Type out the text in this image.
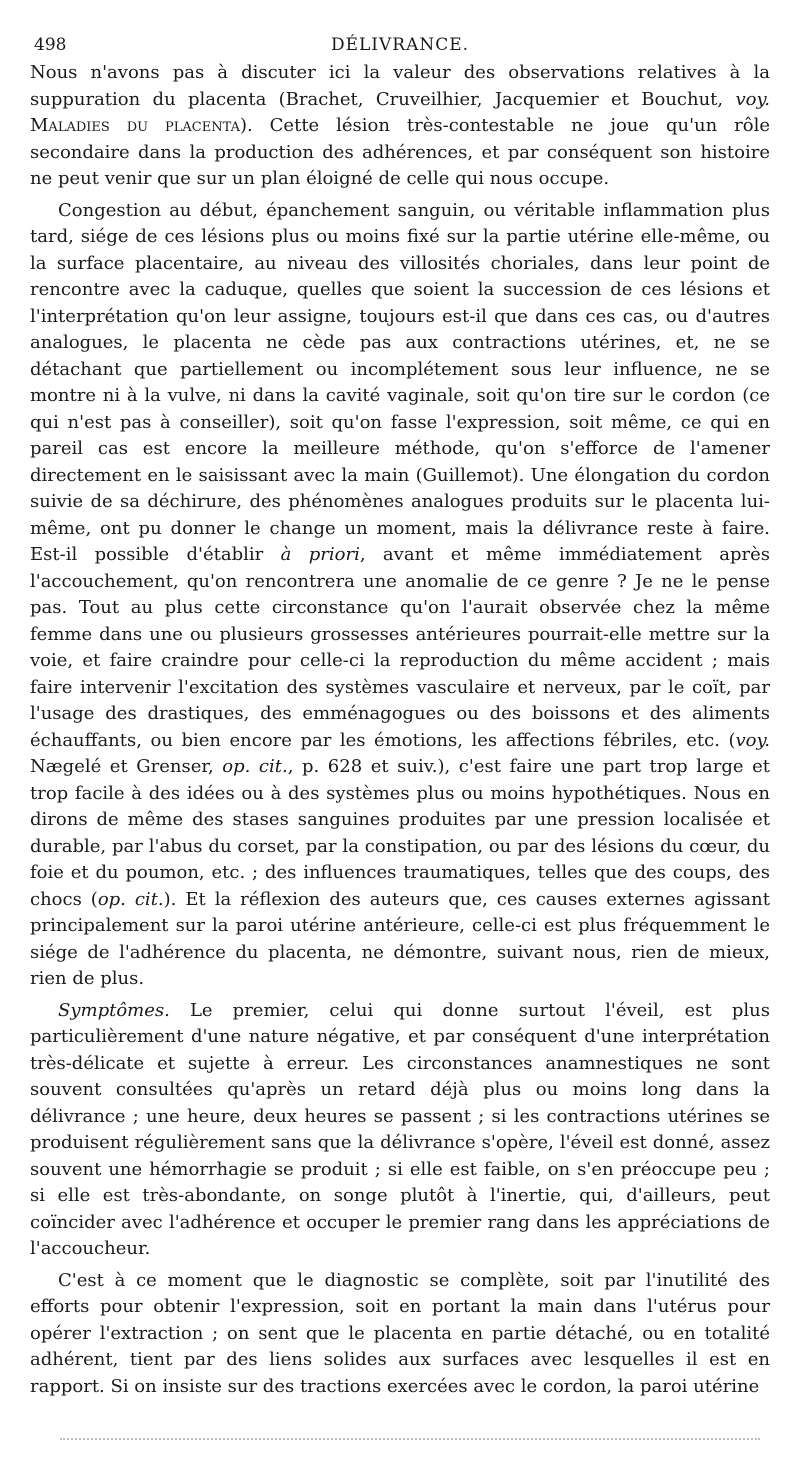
498	DÉLIVRANCE.

Nous n'avons pas à discuter ici la valeur des observations relatives à la suppuration du placenta (Brachet, Cruveilhier, Jacquemier et Bouchut, voy. Maladies du placenta). Cette lésion très-contestable ne joue qu'un rôle secondaire dans la production des adhérences, et par conséquent son histoire ne peut venir que sur un plan éloigné de celle qui nous occupe.

Congestion au début, épanchement sanguin, ou véritable inflammation plus tard, siége de ces lésions plus ou moins fixé sur la partie utérine elle-même, ou la surface placentaire, au niveau des villosités choriales, dans leur point de rencontre avec la caduque, quelles que soient la succession de ces lésions et l'interprétation qu'on leur assigne, toujours est-il que dans ces cas, ou d'autres analogues, le placenta ne cède pas aux contractions utérines, et, ne se détachant que partiellement ou incomplétement sous leur influence, ne se montre ni à la vulve, ni dans la cavité vaginale, soit qu'on tire sur le cordon (ce qui n'est pas à conseiller), soit qu'on fasse l'expression, soit même, ce qui en pareil cas est encore la meilleure méthode, qu'on s'efforce de l'amener directement en le saisissant avec la main (Guillemot). Une élongation du cordon suivie de sa déchirure, des phénomènes analogues produits sur le placenta lui-même, ont pu donner le change un moment, mais la délivrance reste à faire. Est-il possible d'établir à priori, avant et même immédiatement après l'accouchement, qu'on rencontrera une anomalie de ce genre ? Je ne le pense pas. Tout au plus cette circonstance qu'on l'aurait observée chez la même femme dans une ou plusieurs grossesses antérieures pourrait-elle mettre sur la voie, et faire craindre pour celle-ci la reproduction du même accident ; mais faire intervenir l'excitation des systèmes vasculaire et nerveux, par le coït, par l'usage des drastiques, des emménagogues ou des boissons et des aliments échauffants, ou bien encore par les émotions, les affections fébriles, etc. (voy. Nægelé et Grenser, op. cit., p. 628 et suiv.), c'est faire une part trop large et trop facile à des idées ou à des systèmes plus ou moins hypothétiques. Nous en dirons de même des stases sanguines produites par une pression localisée et durable, par l'abus du corset, par la constipation, ou par des lésions du cœur, du foie et du poumon, etc. ; des influences traumatiques, telles que des coups, des chocs (op. cit.). Et la réflexion des auteurs que, ces causes externes agissant principalement sur la paroi utérine antérieure, celle-ci est plus fréquemment le siége de l'adhérence du placenta, ne démontre, suivant nous, rien de mieux, rien de plus.

Symptômes. Le premier, celui qui donne surtout l'éveil, est plus particulièrement d'une nature négative, et par conséquent d'une interprétation très-délicate et sujette à erreur. Les circonstances anamnestiques ne sont souvent consultées qu'après un retard déjà plus ou moins long dans la délivrance ; une heure, deux heures se passent ; si les contractions utérines se produisent régulièrement sans que la délivrance s'opère, l'éveil est donné, assez souvent une hémorrhagie se produit ; si elle est faible, on s'en préoccupe peu ; si elle est très-abondante, on songe plutôt à l'inertie, qui, d'ailleurs, peut coïncider avec l'adhérence et occuper le premier rang dans les appréciations de l'accoucheur.

C'est à ce moment que le diagnostic se complète, soit par l'inutilité des efforts pour obtenir l'expression, soit en portant la main dans l'utérus pour opérer l'extraction ; on sent que le placenta en partie détaché, ou en totalité adhérent, tient par des liens solides aux surfaces avec lesquelles il est en rapport. Si on insiste sur des tractions exercées avec le cordon, la paroi utérine
